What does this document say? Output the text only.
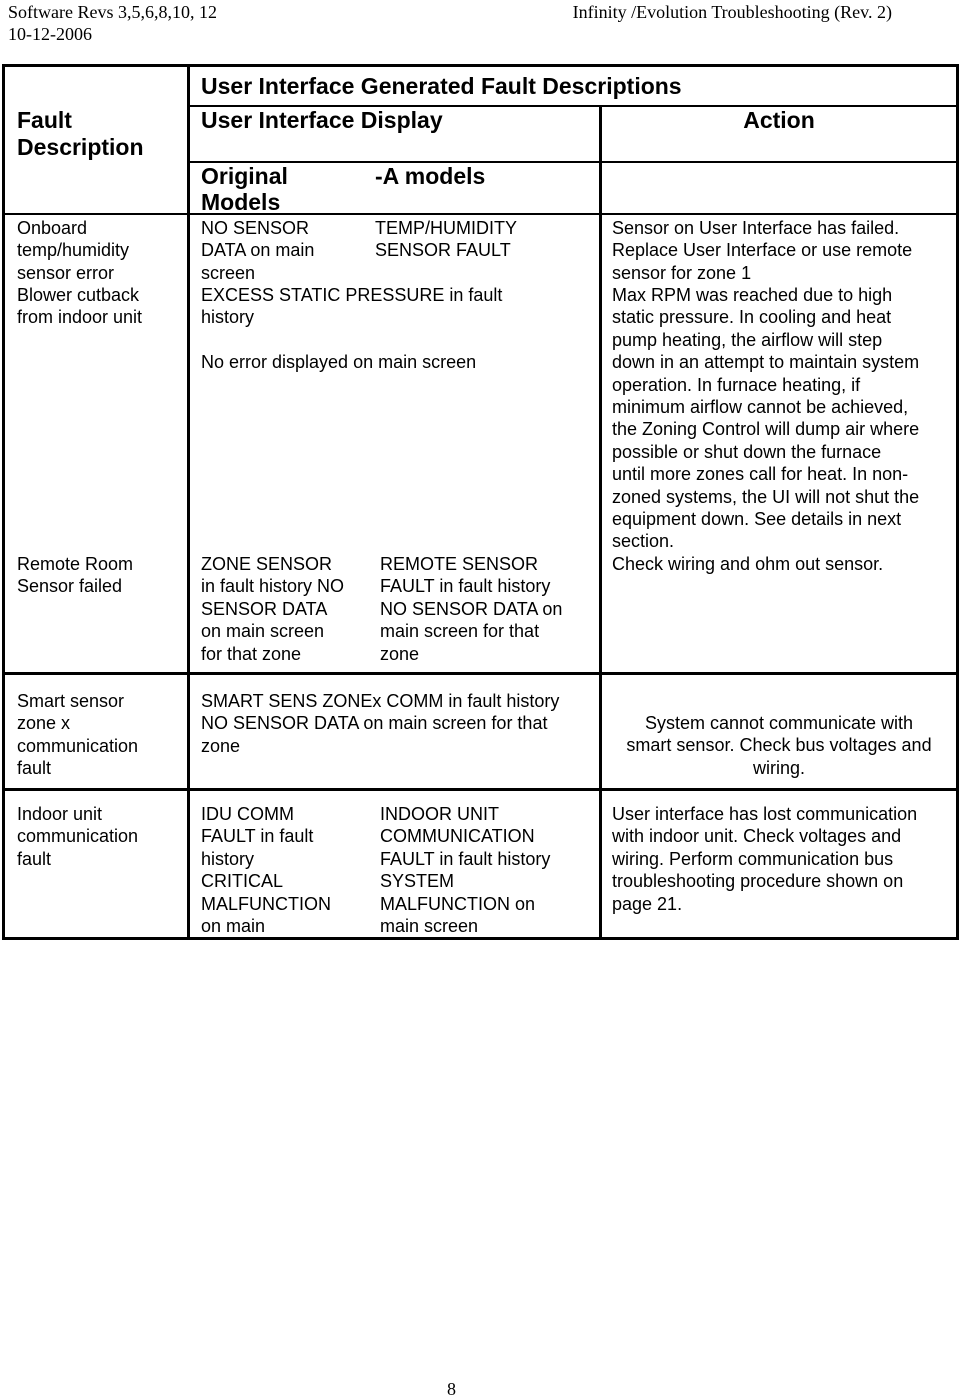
Software Revs 3,5,6,8,10, 12
10-12-2006
Infinity /Evolution Troubleshooting (Rev. 2)
User Interface Generated Fault Descriptions
Fault
Description
User Interface Display	Action
Original
Models
-A models
Onboard
temp/humidity
sensor error
NO SENSOR
DATA on main
screen
TEMP/HUMIDITY
SENSOR FAULT
Sensor on User Interface has failed.
Replace User Interface or use remote
sensor for zone 1
Blower cutback
from indoor unit
EXCESS STATIC PRESSURE in fault
history

No error displayed on main screen
Max RPM was reached due to high
static pressure. In cooling and heat
pump heating, the airflow will step
down in an attempt to maintain system
operation. In furnace heating, if
minimum airflow cannot be achieved,
the Zoning Control will dump air where
possible or shut down the furnace
until more zones call for heat. In non-
zoned systems, the UI will not shut the
equipment down. See details in next
section.
Remote Room
Sensor failed
ZONE SENSOR
in fault history NO
SENSOR DATA
on main screen
for that zone
REMOTE SENSOR
FAULT in fault history
NO SENSOR DATA on
main screen for that
zone
Check wiring and ohm out sensor.
Smart sensor
zone x
communication
fault
SMART SENS ZONEx COMM in fault history
NO SENSOR DATA on main screen for that
zone
System cannot communicate with
smart sensor. Check bus voltages and
wiring.
Indoor unit
communication
fault
IDU COMM
FAULT in fault
history
CRITICAL
MALFUNCTION
on main
INDOOR UNIT
COMMUNICATION
FAULT in fault history
SYSTEM
MALFUNCTION on
main screen
User interface has lost communication
with indoor unit. Check voltages and
wiring. Perform communication bus
troubleshooting procedure shown on
page 21.
8
